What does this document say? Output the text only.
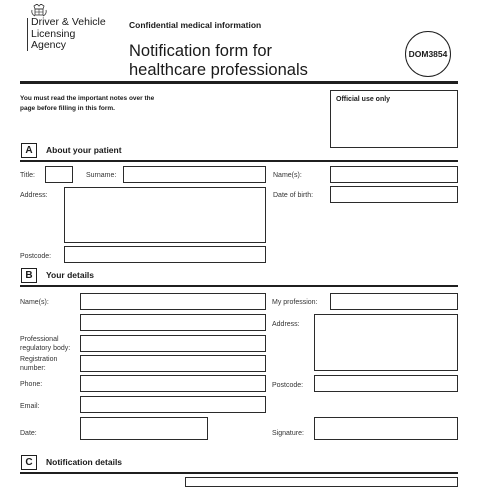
Driver & Vehicle
Licensing
Agency
Confidential medical information
Notification form for
healthcare professionals
DOM3854
You must read the important notes over the
page before filling in this form.
Official use only
A	About your patient
Title:	Surname:	Name(s):
Address:	Date of birth:
Postcode:
B	Your details
Name(s):	My profession:
Address:
Professional
regulatory body:
Registration
number:
Phone:	Postcode:
Email:
Date:	Signature:
C	Notification details
